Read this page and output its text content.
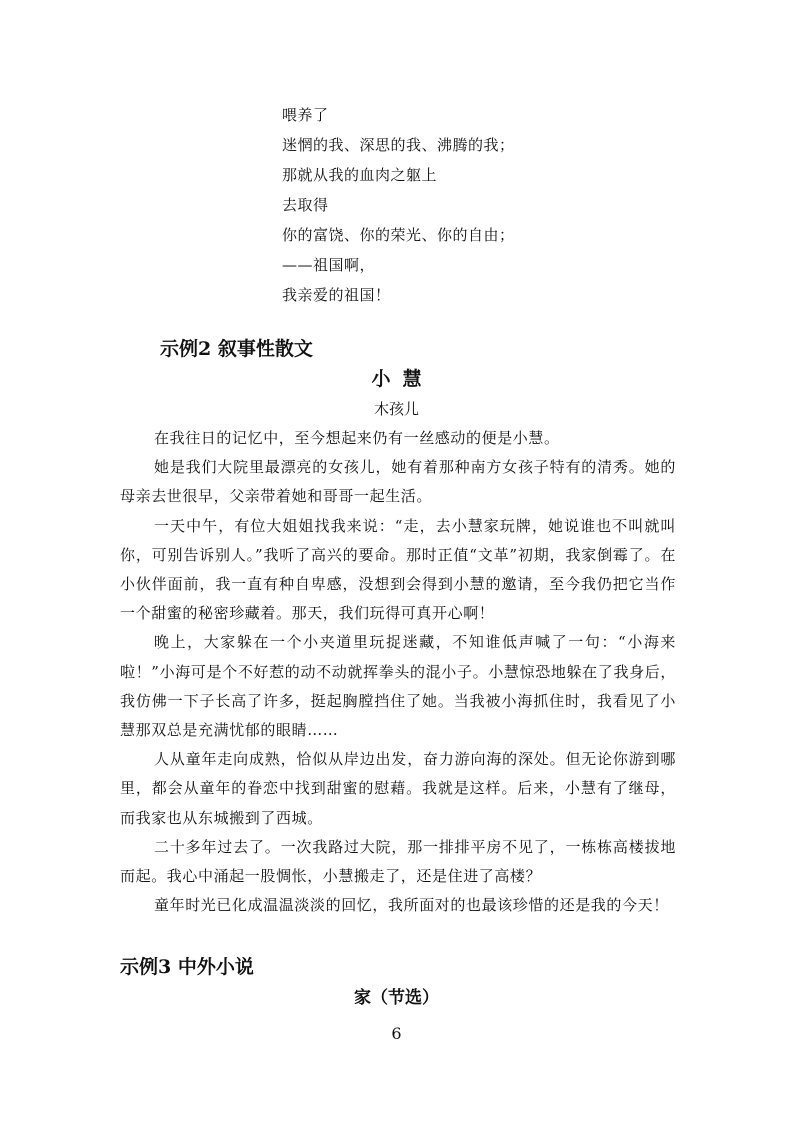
喂养了
迷惘的我、深思的我、沸腾的我；
那就从我的血肉之躯上
去取得
你的富饶、你的荣光、你的自由；
——祖国啊，
我亲爱的祖国！
示例2 叙事性散文
小慧
木孩儿

在我往日的记忆中，至今想起来仍有一丝感动的便是小慧。

她是我们大院里最漂亮的女孩儿，她有着那种南方女孩子特有的清秀。她的母亲去世很早，父亲带着她和哥哥一起生活。

一天中午，有位大姐姐找我来说：“走，去小慧家玩牌，她说谁也不叫就叫你，可别告诉别人。”我听了高兴的要命。那时正值“文革”初期，我家倒霉了。在小伙伴面前，我一直有种自卑感，没想到会得到小慧的邀请，至今我仍把它当作一个甜蜜的秘密珍藏着。那天，我们玩得可真开心啊！

晚上，大家躲在一个小夹道里玩捉迷藏，不知谁低声喊了一句：“小海来啦！”小海可是个不好惹的动不动就挥拳头的混小子。小慧惊恐地躲在了我身后，我仿佛一下子长高了许多，挺起胸膛挡住了她。当我被小海抓住时，我看见了小慧那双总是充满忧郁的眼睛……

人从童年走向成熟，恰似从岸边出发，奋力游向海的深处。但无论你游到哪里，都会从童年的眷恋中找到甜蜜的慰藉。我就是这样。后来，小慧有了继母，而我家也从东城搬到了西城。

二十多年过去了。一次我路过大院，那一排排平房不见了，一栋栋高楼拔地而起。我心中涌起一股惆怅，小慧搬走了，还是住进了高楼？

童年时光已化成温温淡淡的回忆，我所面对的也最该珍惜的还是我的今天！

示例3 中外小说
家（节选）
6
